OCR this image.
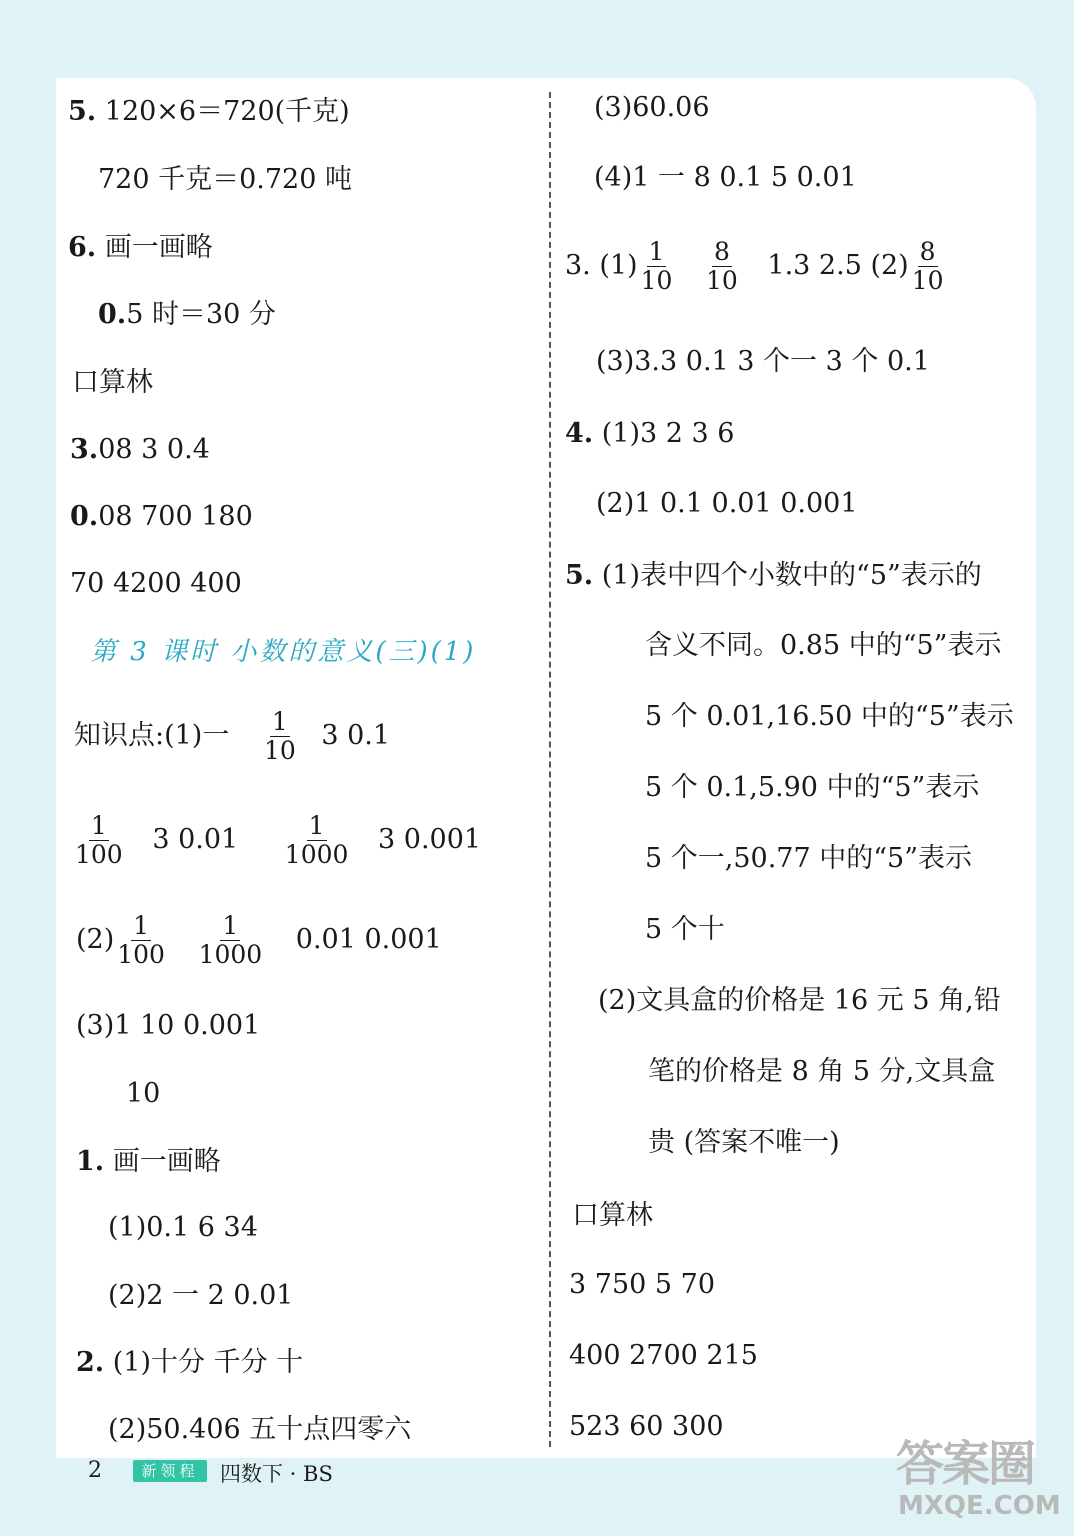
5. 120×6＝720(千克)
720 千克＝0.720 吨
6. 画一画略
0.5 时＝30 分
口算林
3.08 3 0.4
0.08 700 180
70 4200 400
第 3 课时 小数的意义(三)(1)
知识点:(1)一 $\frac{1}{10} 3$ 0.1
$\frac{1}{100} 3$ $0.01 \frac{1}{1000} 3$ 0.001
$(2) \frac{1}{100}$
$\frac{1}{1000} 0.01$ 0.001
(3)1 10 0.001
10
1. 画一画略
(1)0.1 6 34
(2)2 一 2 0.01
2. (1)十分 千分 十
(2)50.406 五十点四零六
(3)60.06
(4)1 一 8 0.1 5 0.01
3. $(1) \frac{1}{10}$
$\frac{8}{10} 1.3$ 2.5 $(2) \frac{8}{10}$
(3)3.3 0.1 3 个一 3 个 0.1
4. (1)3 2 3 6
(2)1 0.1 0.01 0.001
5. (1)表中四个小数中的“5”表示的
含义不同。0.85 中的“5”表示
5 个 0.01,16.50 中的“5”表示
5 个 0.1,5.90 中的“5”表示
5 个一,50.77 中的“5”表示
5 个十
(2)文具盒的价格是 16 元 5 角,铅
笔的价格是 8 角 5 分,文具盒
贵 (答案不唯一)
口算林
3 750 5 70
400 2700 215
523 60 300
2	新领程	四数下 · BS	答案圈
MXQE.COM
